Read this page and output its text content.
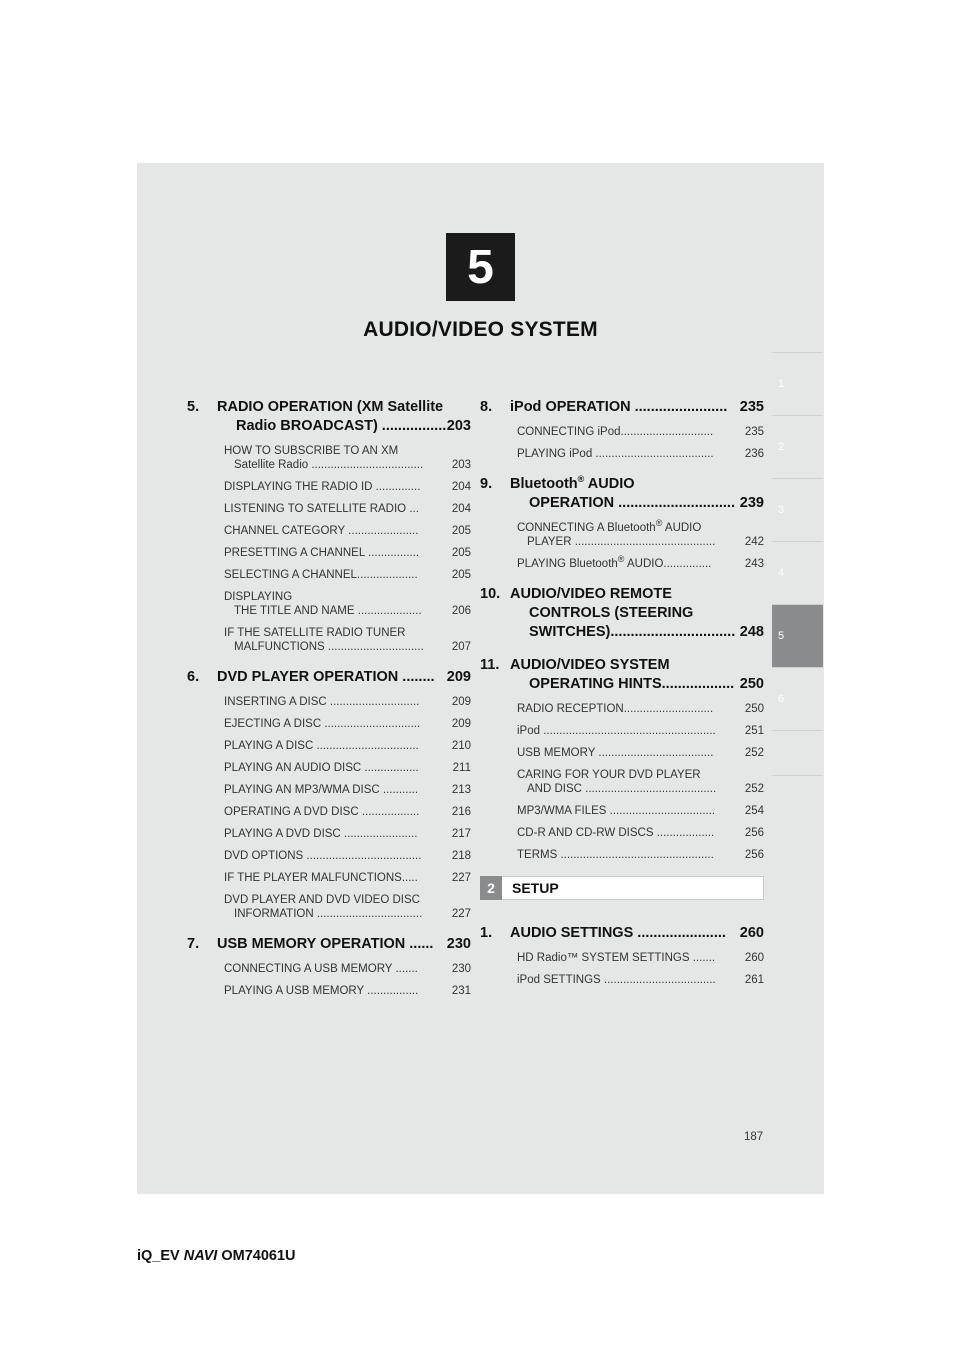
5
AUDIO/VIDEO SYSTEM
1
2
3
4
5
6
5.	RADIO OPERATION (XM Satellite
Radio BROADCAST) ................ 203
HOW TO SUBSCRIBE TO AN XM
Satellite Radio ...................................	203
DISPLAYING THE RADIO ID ..............	204
LISTENING TO SATELLITE RADIO ...	204
CHANNEL CATEGORY ......................	205
PRESETTING A CHANNEL ................	205
SELECTING A CHANNEL...................	205
DISPLAYING
THE TITLE AND NAME ....................	206
IF THE SATELLITE RADIO TUNER
MALFUNCTIONS ..............................	207
6.	DVD PLAYER OPERATION ........ 209
INSERTING A DISC ............................	209
EJECTING A DISC ..............................	209
PLAYING A DISC ................................	210
PLAYING AN AUDIO DISC .................	211
PLAYING AN MP3/WMA DISC ...........	213
OPERATING A DVD DISC ..................	216
PLAYING A DVD DISC .......................	217
DVD OPTIONS ....................................	218
IF THE PLAYER MALFUNCTIONS.....	227
DVD PLAYER AND DVD VIDEO DISC
INFORMATION .................................	227
7.	USB MEMORY OPERATION ...... 230
CONNECTING A USB MEMORY .......	230
PLAYING A USB MEMORY ................	231
8.	iPod OPERATION ....................... 235
CONNECTING iPod.............................	235
PLAYING iPod .....................................	236
9.	Bluetooth® AUDIO
OPERATION ............................. 239
CONNECTING A Bluetooth® AUDIO
PLAYER ............................................	242
PLAYING Bluetooth® AUDIO...............	243
10. AUDIO/VIDEO REMOTE
CONTROLS (STEERING
SWITCHES)............................... 248
11. AUDIO/VIDEO SYSTEM
OPERATING HINTS.................. 250
RADIO RECEPTION............................	250
iPod ......................................................	251
USB MEMORY ....................................	252
CARING FOR YOUR DVD PLAYER
AND DISC .........................................	252
MP3/WMA FILES .................................	254
CD-R AND CD-RW DISCS ..................	256
TERMS ................................................	256
2	SETUP
1.	AUDIO SETTINGS ...................... 260
HD Radio™ SYSTEM SETTINGS .......	260
iPod SETTINGS ...................................	261
187
iQ_EV NAVI OM74061U
